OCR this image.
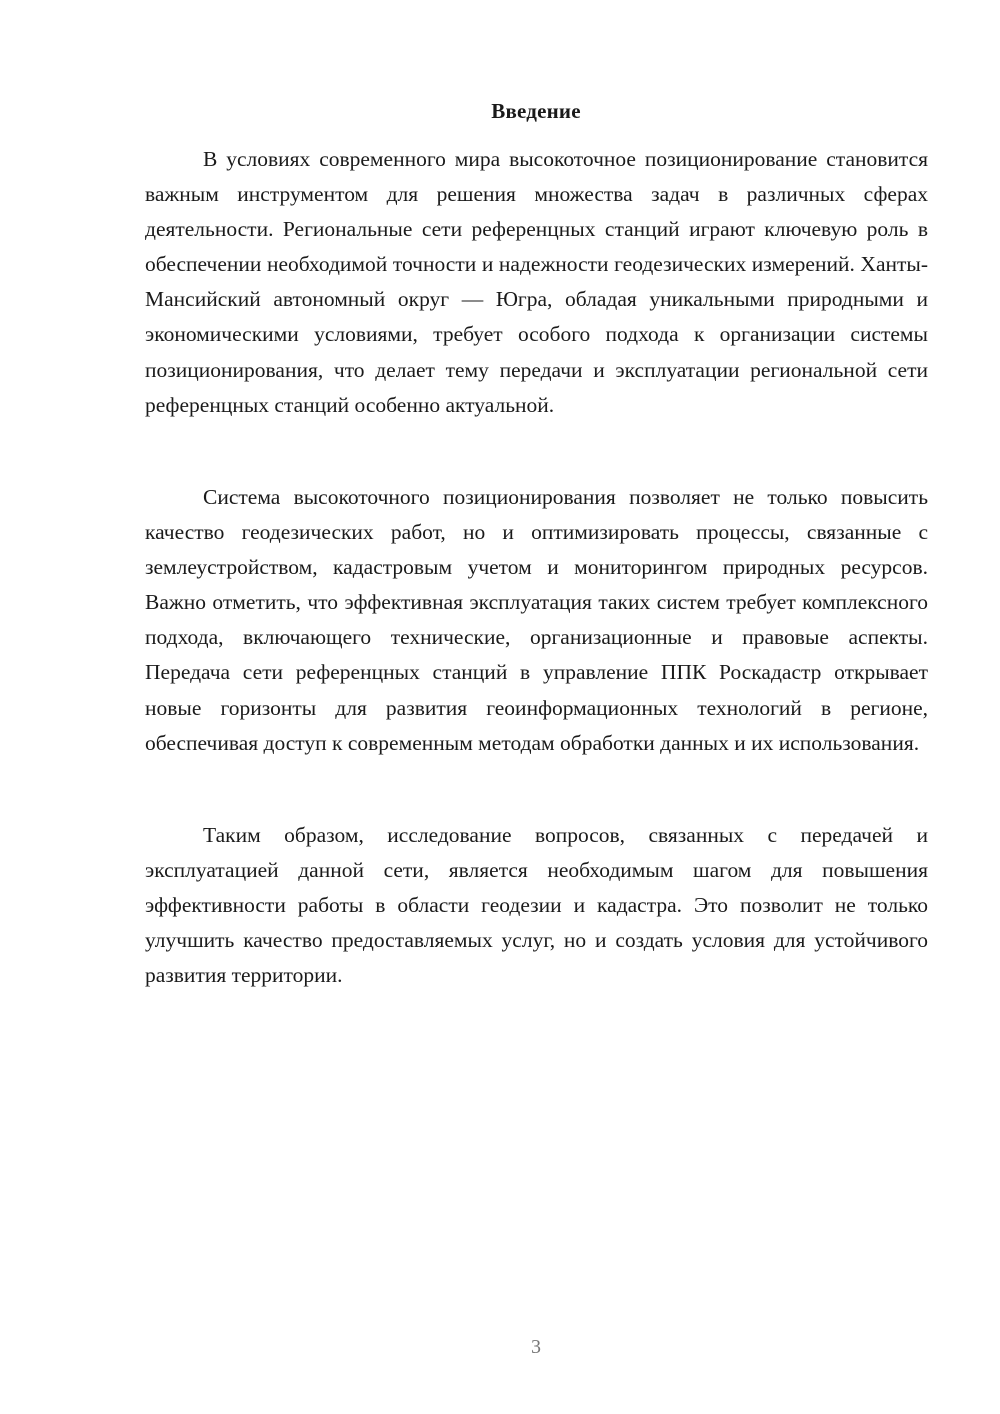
Введение

В условиях современного мира высокоточное позиционирование становится важным инструментом для решения множества задач в различных сферах деятельности. Региональные сети референцных станций играют ключевую роль в обеспечении необходимой точности и надежности геодезических измерений. Ханты-Мансийский автономный округ — Югра, обладая уникальными природными и экономическими условиями, требует особого подхода к организации системы позиционирования, что делает тему передачи и эксплуатации региональной сети референцных станций особенно актуальной.

Система высокоточного позиционирования позволяет не только повысить качество геодезических работ, но и оптимизировать процессы, связанные с землеустройством, кадастровым учетом и мониторингом природных ресурсов. Важно отметить, что эффективная эксплуатация таких систем требует комплексного подхода, включающего технические, организационные и правовые аспекты. Передача сети референцных станций в управление ППК Роскадастр открывает новые горизонты для развития геоинформационных технологий в регионе, обеспечивая доступ к современным методам обработки данных и их использования.

Таким образом, исследование вопросов, связанных с передачей и эксплуатацией данной сети, является необходимым шагом для повышения эффективности работы в области геодезии и кадастра. Это позволит не только улучшить качество предоставляемых услуг, но и создать условия для устойчивого развития территории.

3
